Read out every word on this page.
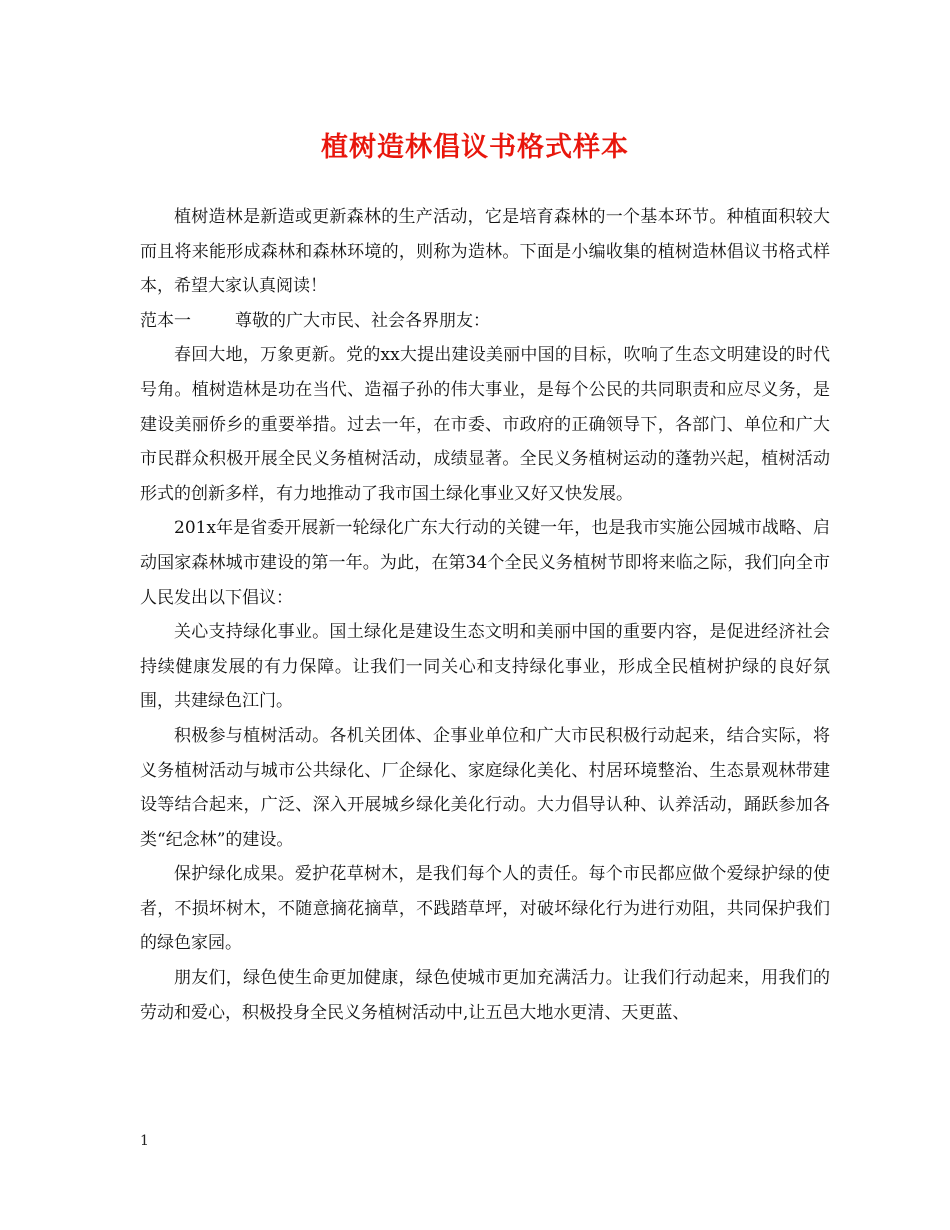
植树造林倡议书格式样本

植树造林是新造或更新森林的生产活动，它是培育森林的一个基本环节。种植面积较大而且将来能形成森林和森林环境的，则称为造林。下面是小编收集的植树造林倡议书格式样本，希望大家认真阅读！

范本一	尊敬的广大市民、社会各界朋友：

春回大地，万象更新。党的xx大提出建设美丽中国的目标，吹响了生态文明建设的时代号角。植树造林是功在当代、造福子孙的伟大事业，是每个公民的共同职责和应尽义务，是建设美丽侨乡的重要举措。过去一年，在市委、市政府的正确领导下，各部门、单位和广大市民群众积极开展全民义务植树活动，成绩显著。全民义务植树运动的蓬勃兴起，植树活动形式的创新多样，有力地推动了我市国土绿化事业又好又快发展。

201x年是省委开展新一轮绿化广东大行动的关键一年，也是我市实施公园城市战略、启动国家森林城市建设的第一年。为此，在第34个全民义务植树节即将来临之际，我们向全市人民发出以下倡议：

关心支持绿化事业。国土绿化是建设生态文明和美丽中国的重要内容，是促进经济社会持续健康发展的有力保障。让我们一同关心和支持绿化事业，形成全民植树护绿的良好氛围，共建绿色江门。

积极参与植树活动。各机关团体、企事业单位和广大市民积极行动起来，结合实际，将义务植树活动与城市公共绿化、厂企绿化、家庭绿化美化、村居环境整治、生态景观林带建设等结合起来，广泛、深入开展城乡绿化美化行动。大力倡导认种、认养活动，踊跃参加各类“纪念林”的建设。

保护绿化成果。爱护花草树木，是我们每个人的责任。每个市民都应做个爱绿护绿的使者，不损坏树木，不随意摘花摘草，不践踏草坪，对破坏绿化行为进行劝阻，共同保护我们的绿色家园。

朋友们，绿色使生命更加健康，绿色使城市更加充满活力。让我们行动起来，用我们的劳动和爱心，积极投身全民义务植树活动中,让五邑大地水更清、天更蓝、

1
